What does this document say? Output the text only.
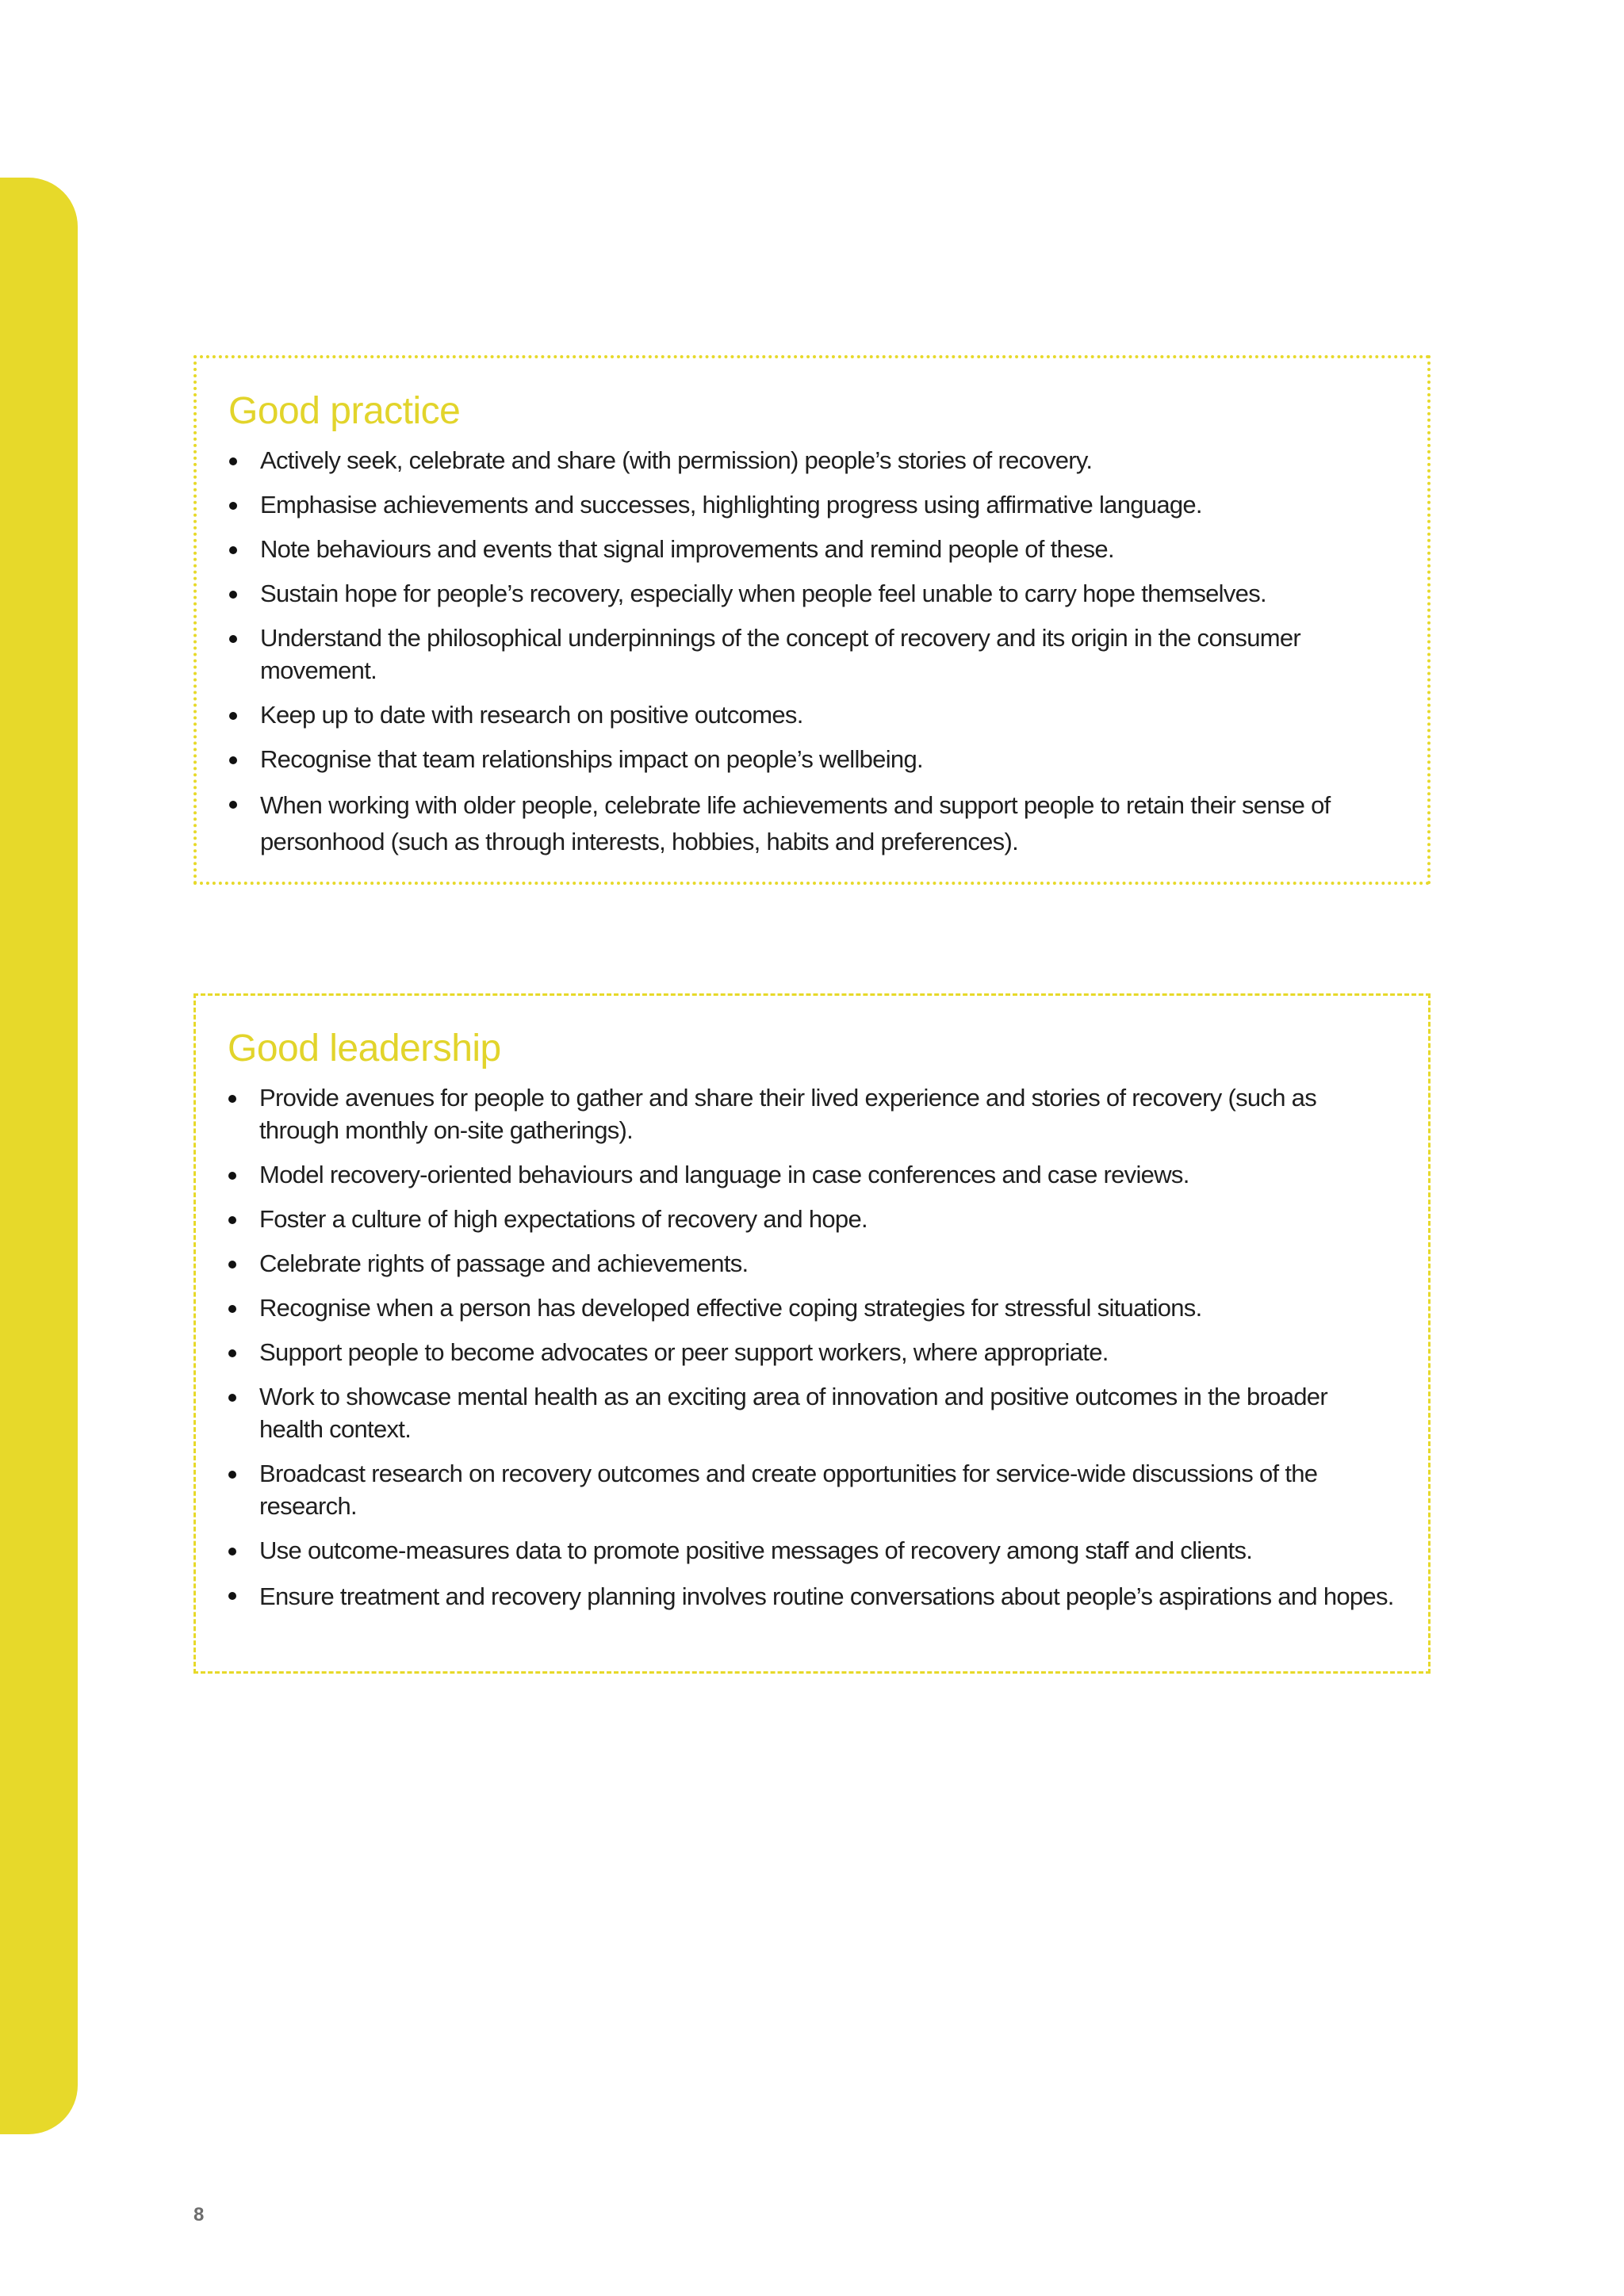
Good practice
Actively seek, celebrate and share (with permission) people’s stories of recovery.
Emphasise achievements and successes, highlighting progress using affirmative language.
Note behaviours and events that signal improvements and remind people of these.
Sustain hope for people’s recovery, especially when people feel unable to carry hope themselves.
Understand the philosophical underpinnings of the concept of recovery and its origin in the consumer movement.
Keep up to date with research on positive outcomes.
Recognise that team relationships impact on people’s wellbeing.
When working with older people, celebrate life achievements and support people to retain their sense of personhood (such as through interests, hobbies, habits and preferences).
Good leadership
Provide avenues for people to gather and share their lived experience and stories of recovery (such as through monthly on-site gatherings).
Model recovery-oriented behaviours and language in case conferences and case reviews.
Foster a culture of high expectations of recovery and hope.
Celebrate rights of passage and achievements.
Recognise when a person has developed effective coping strategies for stressful situations.
Support people to become advocates or peer support workers, where appropriate.
Work to showcase mental health as an exciting area of innovation and positive outcomes in the broader health context.
Broadcast research on recovery outcomes and create opportunities for service-wide discussions of the research.
Use outcome-measures data to promote positive messages of recovery among staff and clients.
Ensure treatment and recovery planning involves routine conversations about people’s aspirations and hopes.
8
